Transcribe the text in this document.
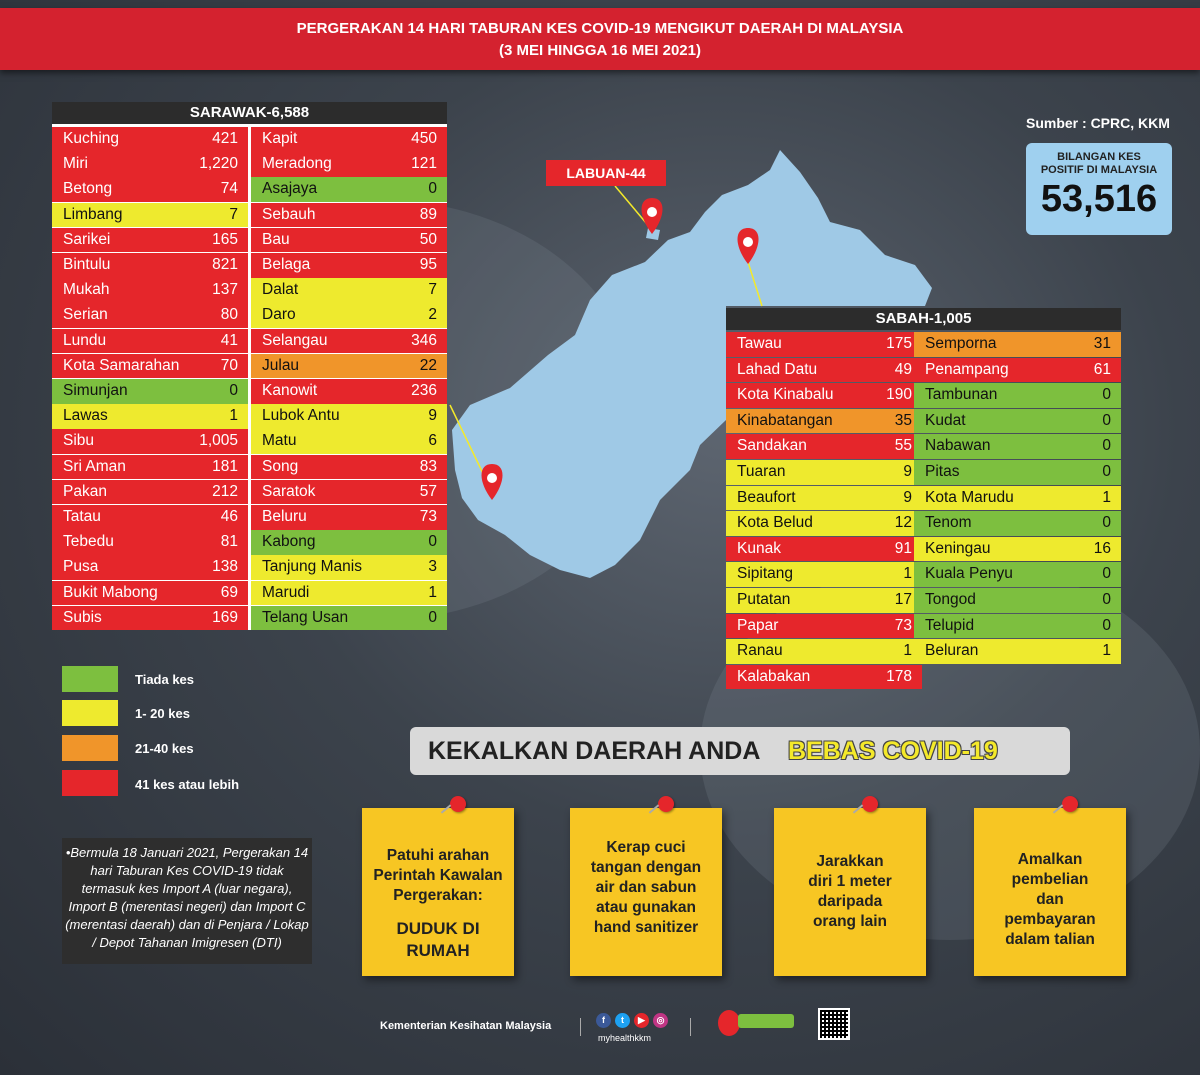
PERGERAKAN 14 HARI TABURAN KES COVID-19 MENGIKUT DAERAH DI MALAYSIA
(3 MEI HINGGA 16 MEI 2021)
LABUAN-44
SARAWAK-6,588
Kuching	421
Miri	1,220
Betong	74
Limbang	7
Sarikei	165
Bintulu	821
Mukah	137
Serian	80
Lundu	41
Kota Samarahan	70
Simunjan	0
Lawas	1
Sibu	1,005
Sri Aman	181
Pakan	212
Tatau	46
Tebedu	81
Pusa	138
Bukit Mabong	69
Subis	169
Kapit	450
Meradong	121
Asajaya	0
Sebauh	89
Bau	50
Belaga	95
Dalat	7
Daro	2
Selangau	346
Julau	22
Kanowit	236
Lubok Antu	9
Matu	6
Song	83
Saratok	57
Beluru	73
Kabong	0
Tanjung Manis	3
Marudi	1
Telang Usan	0
SABAH-1,005
Tawau	175
Lahad Datu	49
Kota Kinabalu	190
Kinabatangan	35
Sandakan	55
Tuaran	9
Beaufort	9
Kota Belud	12
Kunak	91
Sipitang	1
Putatan	17
Papar	73
Ranau	1
Kalabakan	178
Semporna	31
Penampang	61
Tambunan	0
Kudat	0
Nabawan	0
Pitas	0
Kota Marudu	1
Tenom	0
Keningau	16
Kuala Penyu	0
Tongod	0
Telupid	0
Beluran	1
Sumber : CPRC, KKM
BILANGAN KES
POSITIF DI MALAYSIA
53,516
Tiada kes
1- 20 kes
21-40 kes
41 kes atau lebih
•Bermula 18 Januari 2021, Pergerakan 14 hari Taburan Kes COVID-19 tidak termasuk kes Import A (luar negara), Import B (merentasi negeri) dan Import C (merentasi daerah) dan di Penjara / Lokap / Depot Tahanan Imigresen (DTI)
KEKALKAN DAERAH ANDA BEBAS COVID-19
Patuhi arahan Perintah Kawalan Pergerakan:
DUDUK DI RUMAH
Kerap cuci tangan dengan air dan sabun atau gunakan hand sanitizer
Jarakkan diri 1 meter daripada orang lain
Amalkan pembelian dan pembayaran dalam talian
Kementerian Kesihatan Malaysia	f	t	▶	◎
myhealthkkm
